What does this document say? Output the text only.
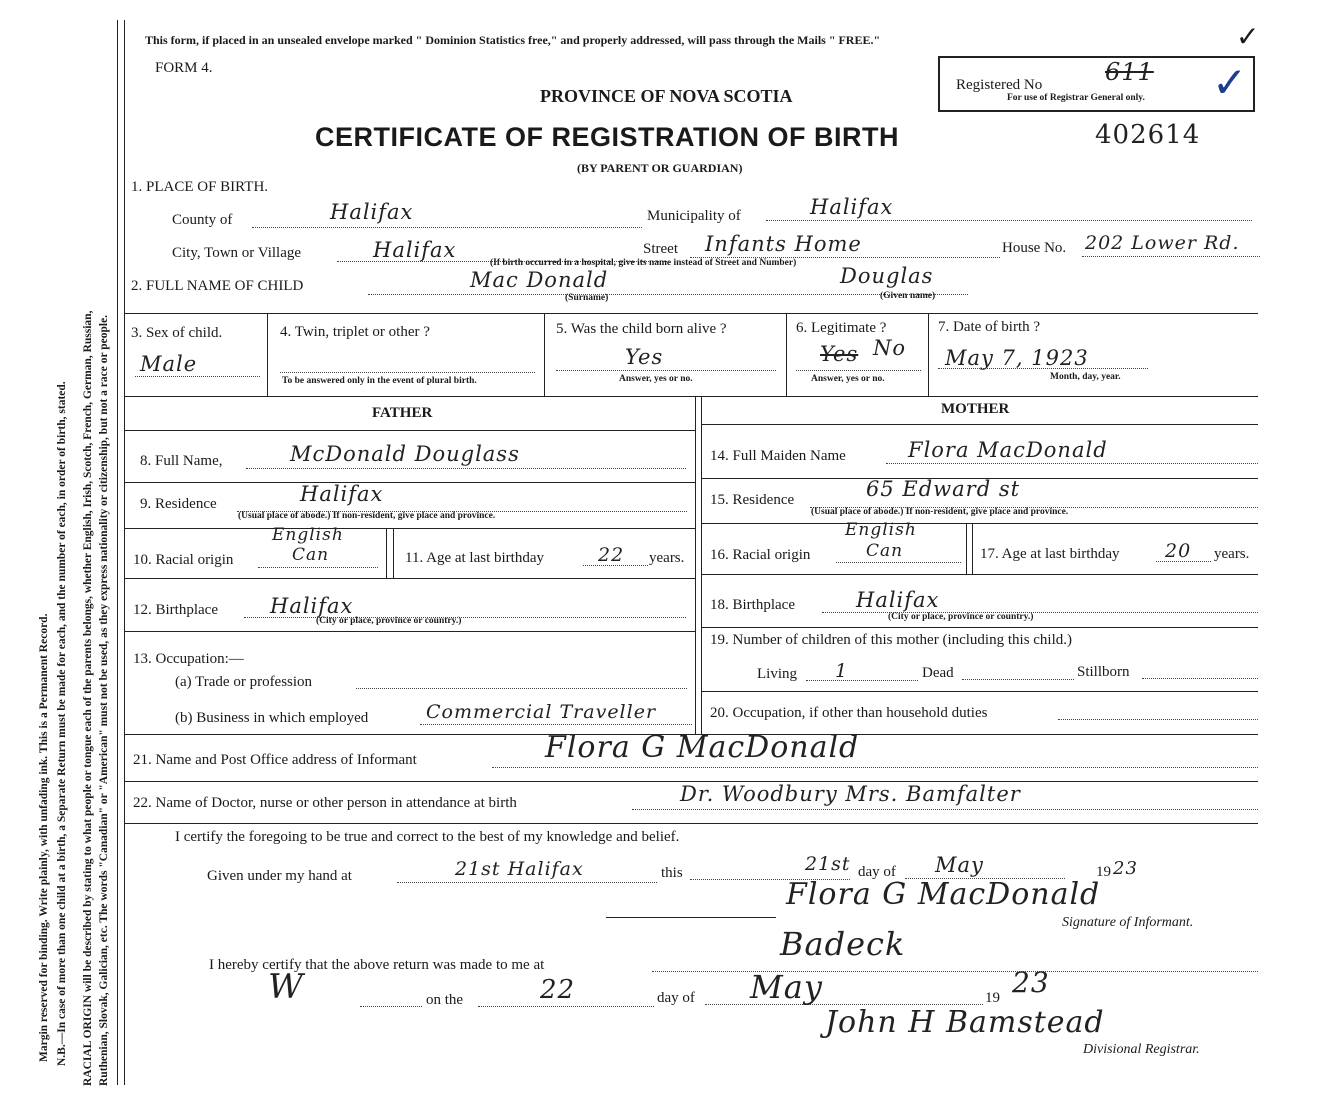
Margin reserved for binding. Write plainly, with unfading ink. This is a Permanent Record. N.B.—In case of more than one child at a birth, a Separate Return must be made for each, and the number of each, in order of birth, stated. RACIAL ORIGIN will be described by stating to what people or tongue each of the parents belongs, whether English, Irish, Scotch, French, German, Russian, Ruthenian, Slovak, Galician, etc. The words "Canadian" or "American" must not be used, as they express nationality or citizenship, but not a race or people.
This form, if placed in an unsealed envelope marked " Dominion Statistics free," and properly addressed, will pass through the Mails " FREE."
FORM 4.
PROVINCE OF NOVA SCOTIA
CERTIFICATE OF REGISTRATION OF BIRTH	402614
(BY PARENT OR GUARDIAN)
Registered No	611
For use of Registrar General only.
✓
✓
1. PLACE OF BIRTH.
County of	Halifax	Municipality of	Halifax
City, Town or Village	Halifax	Street Infants Home	House No. 202 Lower Rd.
(If birth occurred in a hospital, give its name instead of Street and Number)
2. FULL NAME OF CHILD	Mac Donald	Douglas
(Surname)	(Given name)
3. Sex of child.
Male
4. Twin, triplet or other ?
To be answered only in the event of plural birth.
5. Was the child born alive ?
Yes
Answer, yes or no.
6. Legitimate ?
Yes No
Answer, yes or no.
7. Date of birth ?
May 7, 1923
Month, day, year.
FATHER	MOTHER
8. Full Name,	McDonald Douglass
9. Residence	Halifax
(Usual place of abode.) If non-resident, give place and province.
10. Racial origin
English
Can	11. Age at last birthday	22 years.
12. Birthplace Halifax
(City or place, province or country.)
13. Occupation:—
(a) Trade or profession
(b) Business in which employed	Commercial Traveller
14. Full Maiden Name	Flora MacDonald
15. Residence	65 Edward st
(Usual place of abode.) If non-resident, give place and province.
16. Racial origin
English
Can	17. Age at last birthday 20 years.
18. Birthplace	Halifax
(City or place, province or country.)
19. Number of children of this mother (including this child.)
Living 1	Dead	Stillborn
20. Occupation, if other than household duties
21. Name and Post Office address of Informant	Flora G MacDonald
22. Name of Doctor, nurse or other person in attendance at birth	Dr. Woodbury Mrs. Bamfalter
I certify the foregoing to be true and correct to the best of my knowledge and belief.
Given under my hand at	21st Halifax	this	21st day of May	19 23
Flora G MacDonald
Signature of Informant.
I hereby certify that the above return was made to me at
Badeck
W	on the	22	day of May	19 23
John H Bamstead
Divisional Registrar.
